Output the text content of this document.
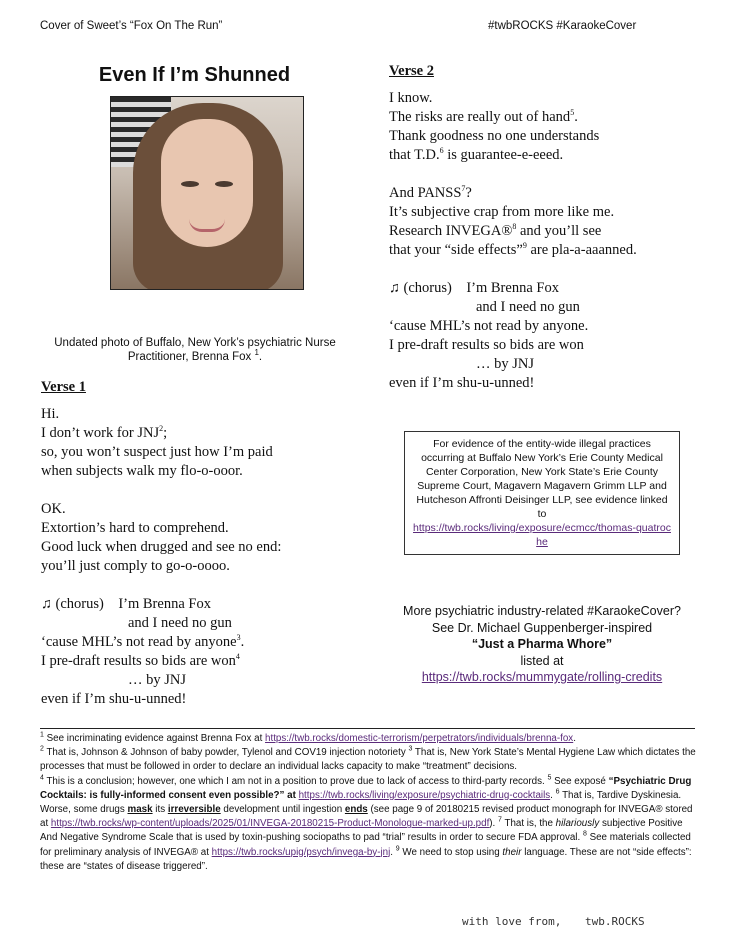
Cover of Sweet’s “Fox On The Run”	#twbROCKS #KaraokeCover
Even If I’m Shunned
Undated photo of Buffalo, New York’s psychiatric Nurse Practitioner, Brenna Fox $^1$.
Verse 1
Hi.
I don’t work for JNJ$^2$;
so, you won’t suspect just how I’m paid
when subjects walk my flo-o-ooor.
OK.
Extortion’s hard to comprehend.
Good luck when drugged and see no end:
you’ll just comply to go-o-oooo.
♫ (chorus) I’m Brenna Fox
and I need no gun
‘cause MHL’s not read by anyone$^3$.
I pre-draft results so bids are won$^4$
… by JNJ
even if I’m shu-u-unned!
Verse 2
I know.
The risks are really out of hand$^5$.
Thank goodness no one understands
that T.D.$^6$ is guarantee-e-eeed.
And PANSS$^7$?
It’s subjective crap from more like me.
Research INVEGA®$^8$ and you’ll see
that your “side effects”$^9$ are pla-a-aaanned.
♫ (chorus) I’m Brenna Fox
and I need no gun
‘cause MHL’s not read by anyone.
I pre-draft results so bids are won
… by JNJ
even if I’m shu-u-unned!
For evidence of the entity-wide illegal practices occurring at Buffalo New York’s Erie County Medical Center Corporation, New York State’s Erie County Supreme Court, Magavern Magavern Grimm LLP and Hutcheson Affronti Deisinger LLP, see evidence linked to
https://twb.rocks/living/exposure/ecmcc/thomas-quatroche
More psychiatric industry-related #KaraokeCover?
See Dr. Michael Guppenberger-inspired
“Just a Pharma Whore”
listed at
https://twb.rocks/mummygate/rolling-credits
$^1$ See incriminating evidence against Brenna Fox at https://twb.rocks/domestic-terrorism/perpetrators/individuals/brenna-fox.
$^2$ That is, Johnson & Johnson of baby powder, Tylenol and COV19 injection notoriety $^3$ That is, New York State’s Mental Hygiene Law which dictates the processes that must be followed in order to declare an individual lacks capacity to make “treatment” decisions.
$^4$ This is a conclusion; however, one which I am not in a position to prove due to lack of access to third-party records. $^5$ See exposé “Psychiatric Drug Cocktails: is fully-informed consent even possible?” at https://twb.rocks/living/exposure/psychiatric-drug-cocktails. $^6$ That is, Tardive Dyskinesia. Worse, some drugs mask its irreversible development until ingestion ends (see page 9 of 20180215 revised product monograph for INVEGA® stored at https://twb.rocks/wp-content/uploads/2025/01/INVEGA-20180215-Product-Monologue-marked-up.pdf). $^7$ That is, the hilariously subjective Positive And Negative Syndrome Scale that is used by toxin-pushing sociopaths to pad “trial” results in order to secure FDA approval. $^8$ See materials collected for preliminary analysis of INVEGA® at https://twb.rocks/upig/psych/invega-by-jnj. $^9$ We need to stop using their language. These are not “side effects”: these are “states of disease triggered”.
with love from, twb.ROCKS
